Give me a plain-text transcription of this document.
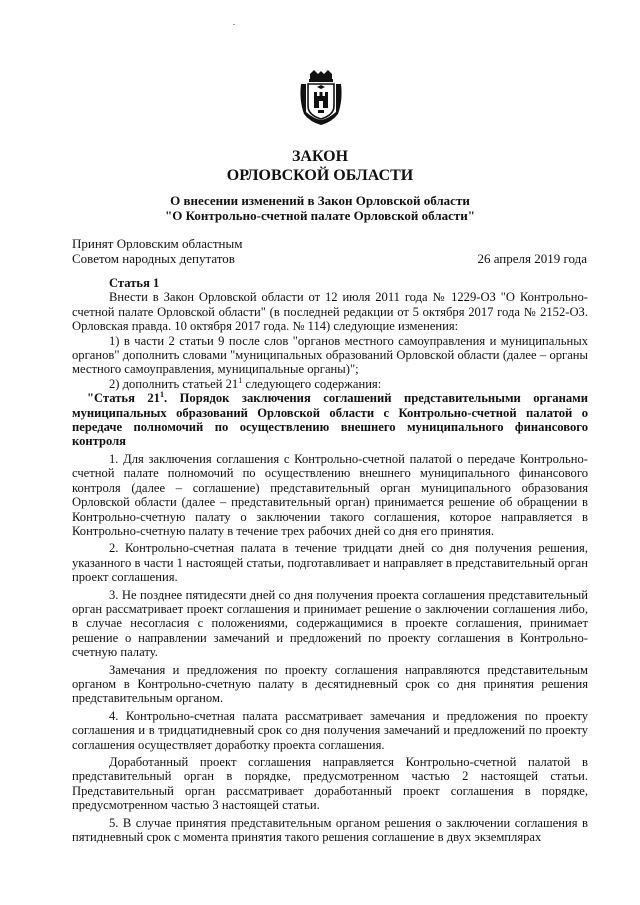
ЗАКОН
ОРЛОВСКОЙ ОБЛАСТИ
О внесении изменений в Закон Орловской области
"О Контрольно-счетной палате Орловской области"
Принят Орловским областным
Советом народных депутатов	26 апреля 2019 года

Статья 1

Внести в Закон Орловской области от 12 июля 2011 года № 1229-ОЗ "О Контрольно-счетной палате Орловской области" (в последней редакции от 5 октября 2017 года № 2152-ОЗ. Орловская правда. 10 октября 2017 года. № 114) следующие изменения:

1) в части 2 статьи 9 после слов "органов местного самоуправления и муниципальных органов" дополнить словами "муниципальных образований Орловской области (далее – органы местного самоуправления, муниципальные органы)";

2) дополнить статьей $21^1$ следующего содержания:

"Статья $21^1$. Порядок заключения соглашений представительными органами муниципальных образований Орловской области с Контрольно-счетной палатой о передаче полномочий по осуществлению внешнего муниципального финансового контроля

1. Для заключения соглашения с Контрольно-счетной палатой о передаче Контрольно-счетной палате полномочий по осуществлению внешнего муниципального финансового контроля (далее – соглашение) представительный орган муниципального образования Орловской области (далее – представительный орган) принимается решение об обращении в Контрольно-счетную палату о заключении такого соглашения, которое направляется в Контрольно-счетную палату в течение трех рабочих дней со дня его принятия.

2. Контрольно-счетная палата в течение тридцати дней со дня получения решения, указанного в части 1 настоящей статьи, подготавливает и направляет в представительный орган проект соглашения.

3. Не позднее пятидесяти дней со дня получения проекта соглашения представительный орган рассматривает проект соглашения и принимает решение о заключении соглашения либо, в случае несогласия с положениями, содержащимися в проекте соглашения, принимает решение о направлении замечаний и предложений по проекту соглашения в Контрольно-счетную палату.

Замечания и предложения по проекту соглашения направляются представительным органом в Контрольно-счетную палату в десятидневный срок со дня принятия решения представительным органом.

4. Контрольно-счетная палата рассматривает замечания и предложения по проекту соглашения и в тридцатидневный срок со дня получения замечаний и предложений по проекту соглашения осуществляет доработку проекта соглашения.

Доработанный проект соглашения направляется Контрольно-счетной палатой в представительный орган в порядке, предусмотренном частью 2 настоящей статьи. Представительный орган рассматривает доработанный проект соглашения в порядке, предусмотренном частью 3 настоящей статьи.

5. В случае принятия представительным органом решения о заключении соглашения в пятидневный срок с момента принятия такого решения соглашение в двух экземплярах
